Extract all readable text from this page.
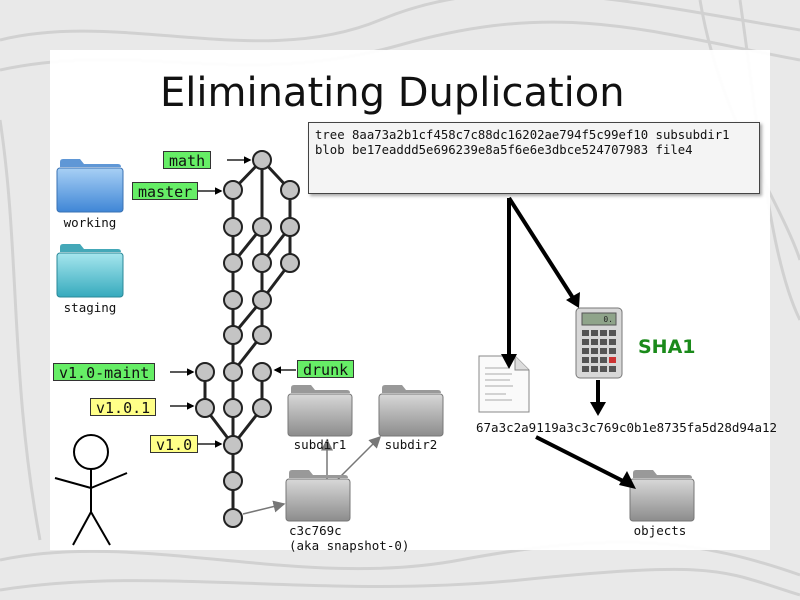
Eliminating Duplication
tree 8aa73a2b1cf458c7c88dc16202ae794f5c99ef10 subsubdir1
blob be17eaddd5e696239e8a5f6e6e3dbce524707983 file4
0.
math
master
v1.0-maint	drunk
v1.0.1
v1.0
working
staging
subdir1	subdir2
c3c769c
(aka snapshot-0)
objects
SHA1
67a3c2a9119a3c3c769c0b1e8735fa5d28d94a12
